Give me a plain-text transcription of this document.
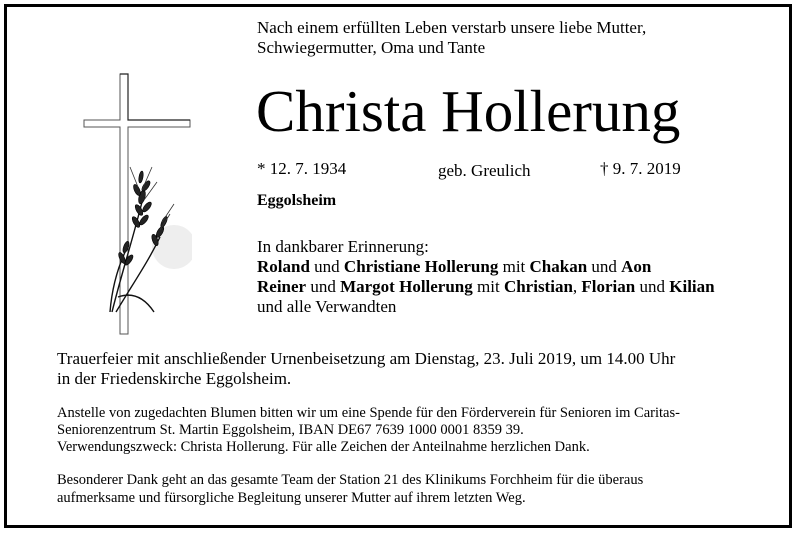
Nach einem erfüllten Leben verstarb unsere liebe Mutter,
Schwiegermutter, Oma und Tante
Christa Hollerung
* 12. 7. 1934	geb. Greulich	† 9. 7. 2019
Eggolsheim
In dankbarer Erinnerung:
Roland und Christiane Hollerung mit Chakan und Aon
Reiner und Margot Hollerung mit Christian, Florian und Kilian
und alle Verwandten
Trauerfeier mit anschließender Urnenbeisetzung am Dienstag, 23. Juli 2019, um 14.00 Uhr
in der Friedenskirche Eggolsheim.
Anstelle von zugedachten Blumen bitten wir um eine Spende für den Förderverein für Senioren im Caritas-
Seniorenzentrum St. Martin Eggolsheim, IBAN DE67 7639 1000 0001 8359 39.
Verwendungszweck: Christa Hollerung. Für alle Zeichen der Anteilnahme herzlichen Dank.
Besonderer Dank geht an das gesamte Team der Station 21 des Klinikums Forchheim für die überaus
aufmerksame und fürsorgliche Begleitung unserer Mutter auf ihrem letzten Weg.
